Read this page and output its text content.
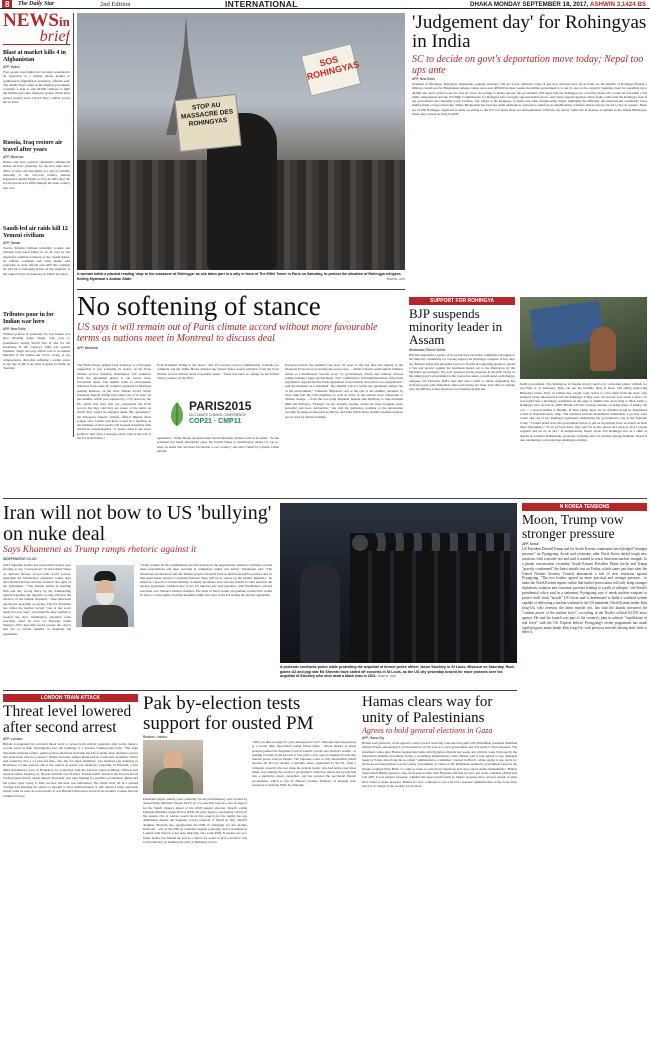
8	The Daily Star	2nd Edition	INTERNATIONAL	DHAKA MONDAY SEPTEMBER 18, 2017, ASHWIN 3,1424 BS
NEWSin
brief
Blast at market kills 4 in Afghanistan
AFP, Kabul
Four people were killed and 14 others wounded in an explosion at a mobile phone market in southeastern Afghanistan yesterday, officials said. The deadly blast comes as the Afghan government considers a plan to arm 20,000 civilians to fight the Taliban and other insurgent groups which have gained ground since US-led Nato combat troops left in 2014.
Russia, Iraq restore air travel after years
AFP, Moscow
Russia and Iraq restored scheduled commercial airline services yesterday for the first time since 2003, as what officials hailed as a sign of stability returning to the war-torn country. Russia suspended regular flights to Iraq in 2003 after the US-led invasion in 2003 plunged the Arab country into war.
Saudi-led air raids kill 12 Yemeni civilians
AFP, Sanaa
Twelve Yemeni civilians including women and children have been killed in an air raid by the Saudi-led coalition northeast of the capital Sanaa, an official, residents and rebel media said yesterday. A local official said AFP the coalition air raid hit a rebel-held house on the outskirts of the capital Sanaa on Saturday, in Marib province.
Tributes pour in for Indian war hero
AFP, New Delhi
Tributes poured in yesterday for last Indian war hero Marshal Arjan Singh, who rose to prominence during World War II and for his leadership in the country's 1965 war against Pakistan. Singh, the only officer ever to be named Marshal of the Indian Air Force owing to his achievements, died after suffering a cardiac arrest at the age of 98 at an army hospital in Delhi on Saturday.
SOS ROHINGYAS
STOP AU MASSACRE DES ROHINGYAS
A woman holds a placard reading 'stop to the massacre of Rohingya' as she takes part in a rally in front of The Eiffel Tower in Paris on Saturday, to protest the situation of Rohingya refugees fleeing Myanmar's Arakan State.	PHOTO: AFP
'Judgement day' for Rohingyas in India
SC to decide on govt's deportation move today; Nepal too ups ante
AFP, New Delhi
Detained in Myanmar, Rohingyas desperately seeking sanctuary will get a new reminder today of just how unloved they are in India. As the number of Rohingya fleeing a military crackdown for Bangladesh refugee camps races past 400,000 in three weeks, the Indian government is to put its case to the country's Supreme Court for expelling up to 40,000 who have arrived over the past 10 years. According to media reports, the government will argue that the Rohingya are a security threat who could aid terrorism. Civil rights campaigners and the UN High Commissioner for Refugees have strongly opposed India's move. And many experts question where India could send the Rohingya even if the government gets Supreme Court backing. The plight of the Rohingya in India, and other neighbouring Nepal, highlights the difficulty the international community faces finding them a long-term home. While Bangladesh has been the main destination, some have ended up in neighbouring countries almost always forced to live in squalor. There are 16,000 Rohingya registered in India according to the UN, but many more are undocumented. Officials say nearly 7,000 live in shanties in Jammu in the Indian Himalayas, where they started arriving in 2008.
Delhi government. The Rohingyas in Jammu mostly survive by collecting plastic rubbish for recycling or as labourers. They can see the hostility there is more. The ruling right-wing Bharatiya Janata Party in Jammu has sought court orders to evict them from the state. One business group threatened to kill the Rohingya if they were not moved. Last week a dead cow was found near a Rohingya settlement on the edge of Jammu city. According to Shah Alam, a Rohingya who arrived in 2008, Hindu activists torched shanties accusing them of killing the cow -- a sacred animal to Hindus. In New Delhi, there are 47 families living in dilapidated rooms in Kanchan Kunj camp. The residents include Mohammad Salimullah, a grocery store owner and one of two Rohingya petitioners challenging the government's case at the Supreme Court. "I would prefer have the government kill us or put us in jail than force us deport us back there (Myanmar)." "If we go back there, they will cut us into pieces and stack us 10-15 people together and set us on fire." In neighbouring Nepal, about 250 Rohingya live in a slum of shacks in southern Kathmandu, anxiously awaiting news of relatives fleeing Rakhine. Nepal is also attempting to prevent more Rohingya arriving.
No softening of stance
US says it will remain out of Paris climate accord without more favourable terms as nations meet in Montreal to discuss deal
AFP, Montreal
The White House pushed back Saturday at a European suggestion it was softening its stance on the Paris climate accord, insisting Washington will withdraw from the agreement unless it can secure more favourable terms. The remark came as environment ministers from some 30 countries gathered in Montreal seeking headway on the Paris climate accord which President Donald Trump had pulled out of in June. At the summit, which was attended by a US observer, the EU stated that they will not renegotiate the Paris accord, but they said they are aware of the terms on which they would be engaged under this agreement," the European Union's climate official Miguel Arias Canete said. Canete said there would be a meeting on the sidelines of next week's UN General Assembly with American representatives "to assess what is the exact position" and "give a message about what is the role of the US in the future."
from President Trump to the press." The US reversal was not immediately available for comment and the White House insisted the United States would withdraw from the Paris climate accord without more favourable terms. "There has been no change in the United States' position on the Paris
PARIS2015
UN CLIMATE CHANGE CONFERENCE
COP21 · CMP11
agreement," White House spokeswoman Sarah Huckabee Sanders said in an email. "As the president has made abundantly clear, the United States is withdrawing unless we can re-enter on terms that are more favourable to our country," she said. Called by Canada, China and the
European Union, the summit took place 50 years to the day after the signing of the Montreal Protocol on protecting the ozone layer -- which Canada's environment minister hailed as a multilateral "success story" by governments, NGOs and ordinary citizens jointly tackling a major global threat. "We" committed to full implementation of the Paris Agreement. Agreed that the Paris Agreement is irreversible and will not be renegotiated," said the ministers in a statement. The summit will not revisit the agreement taking care of the environment," Catherine McKenna said at the end of the summit, attended by more than half the G20 members as well as some of the nations most vulnerable to climate change -- from the low-lying Marshall Islands and Maldives to impoverished Mali and Ethiopia. "Changes we see, extreme weather events are more frequent, more powerful and more destructive," she told the gathering, pointing to the devastation wrought by mega-storms such as Harvey and Irma which many climate scientists believe are boosted by global warming.
SUPPORT FOR ROHINGYA
BJP suspends minority leader in Assam
Hindustan Times Online
BJP has suspended a leader of its Assam state executive committee belonging to the minority community for voicing support for Rohingya refugees. A few days ago Benazir Arfan had uploaded a post on Facebook requesting people to attend a 'fair and protest' against the treatment meted out to the Rohingyas by the Myanmar government. The post garnered strong response in the BJP circles as the ruling party's government at the Centre has taken a tough stand on Rohingya refugees. On Thursday, BJP's state unit sent a letter to Arfan suspending her from the party with immediate effect and giving her three days time to explain why disciplinary action should not be initiated against her.
Iran will not bow to US 'bullying' on nuke deal
Says Khamenei as Trump ramps rhetoric against it
INDEPENDENT.CO.UK
Iran's Supreme Leader has warned Iran would react strongly to any "wrong move" by the United States on Tehran's nuclear accord with world powers. Ayatollah Ali Khamenei's statement comes days after Donald Trump said Iran violated "the spirit of the agreement." "The Iranian nation is standing firm and any wrong move by the domineering regime regarding the [nuclear accord] will face the reaction of the Islamic Republic," state television quoted the Ayatollah as saying. The US President has called the nuclear accord "one of the worst deals I've ever seen" and hinted he may attempt to rescind the deal. Washington extended some sanctions relief for Iran on Thursday under Tehran's 2015 deal with world powers but said it had yet to decide whether to maintain the agreement.
"Today despite all the commitments and discussions in the negotiations, America's attitude towards these negotiations and their outcome is completely unjust and unfair," Khamenei said. "The Americans should know that the Iranian people will stand firm on their honourable positions and on important issues related to national interests; there will be no retreat by the Islamic Republic," he added in a speech to Iranian military academy graduates. Iran said last month it could abandon the nuclear agreement "within hours" if the US imposes any new penalties, after Washington ordered sanctions over Tehran's ballistic missiles. The head of Iran's atomic programme warned Iran would be able to create highly enriched uranium within five days of the US ending the nuclear agreement.
A protester confronts police while protesting the acquittal of former police officer Jason Stockley in St Louis, Missouri on Saturday. Rock giants U2 and pop star Ed Sheeran have called off concerts in St Louis, as the US city yesterday braced for more protests over the acquittal of Stockley who shot dead a black man in 2011. PHOTO: AFP
N KOREA TENSIONS
Moon, Trump vow stronger pressure
AFP, Seoul
US President Donald Trump and his South Korean counterpart have pledged "stronger pressure" on Pyongyang, Seoul said yesterday, after North Korea defied tough new sanctions with a missile test and said it wanted to reach American nuclear strength. In a phone conversation yesterday, South Korean President Moon Jae-In and Trump "gravely condemned" the latest missile test on Friday, which came just days after the United Nations Security Council announced a raft of new sanctions against Pyongyang. "The two leaders agreed on more practical and stronger pressure... to make the North Korean regime realise that further provocation will only bring stronger diplomatic isolation and economic pressure leading to a path of collapse," the South's presidential office said in a statement. Pyongyang says it needs nuclear weapons to protect itself from "hostile" US forces and is determined to build a warhead system capable of delivering a nuclear warhead to the US mainland. North Korean leader Kim Jong-Un, who oversaw the latest missile test, has said the launch increased the "combat power of the nuclear force", according to the North's official KCNA news agency. He said the launch was part of the country's plan to achieve "equilibrium of real force" with the US. Experts believe Pyongyang's recent programme has made rapid progress under leader Kim Jong-Un, with previous missiles having done little to deter it.
LONDON TRAIN ATTACK
Threat level lowered after second arrest
AFP, London
Britain downgraded its terrorism threat level to severe from critical yesterday after police made a second arrest in their investigation into the bombing of a London Underground train. "The Joint Terrorism Analysis Centre, which reviews the threat level that the UK is under, have decided to lower that level from critical to severe," Home Secretary Amber Rudd said in a televised statement. Police said yesterday that a 21-year-old man, who has not been identified, was detained late Saturday in Hounslow, on the western rim of the capital. A search was underway yesterday in Stanwell, a few miles (kilometres) west of Hounslow, in connection with the Parsons Green bombing. Officers had arrested earlier Saturday an 18-year-old man over Friday's "bucket bomb" attack at the Parsons Green Underground station, which injured 30 people, and were hunting for possible accomplices. Rudd said the police were trying to find out how the man was radicalised. The bomb went off in a packed carriage and although the device is thought to have malfunctioned, it still caused a large explosion which could be seen on social media. It was Britain's fifth terror attack in six months, a series that has claimed 35 lives.
Pak by-election tests support for ousted PM
Reuters, Lahore
Pakistanis began casting votes yesterday for the parliamentary seat vacated by ousted Prime Minister Nawaz Sharif, in a by-election seen as a test of support for the Sharif dynasty ahead of the 2018 general election. Sharif's ruling Pakistan Muslim League-Nawaz (PML-N) party hopes a resounding victory in the eastern city of Lahore would show that support for the family has not diminished despite the Supreme Court's removal of Sharif in July. Sharif's daughter Maryam has spearheaded the PML-N campaign for her mother Kulsoom - who is the NPL-N candidate despite receiving cancer treatment in London with Nawaz at her side. Maryam, who some PML-N leaders see as a future leader, has framed the poll as a chance for voters to give a decisive vote to the judiciary by handing the party a thumping victory.
"Will you take revenge for your disrespected vote?" Maryam asked supporters at a recent rally. Opposition leader Imran Khan - whose threats of street protests pushed the Supreme Court to launch a probe into Nawaz's wealth - is seeking to build on his success of last year's court case by making inroads into Sharifs' power base in Punjab. The Supreme Court in July disqualified Sharif because he did not declare a monthly salary equivalent to $2,722, from a company owned by his son when the veteran leader, who had held power three times, was running the country's government. Khan has turned the by-election into a plebiscite about corruption, and has accused the provincial Punjab government, which is run by Nawaz's brother Shahbaz, of abusing state resources to help the PML-N campaign.
Hamas clears way for unity of Palestinians
Agrees to hold general elections in Gaza
AFP, Gaza City
Hamas said yesterday it had agreed to steps toward resolving a decade-long split with Palestinian president Mahmud Abbas's Fatah, announcing it would dissolve a body seen as a rival government and was ready to hold elections. The statement comes after Hamas leaders held talks with Egyptian officials last week, and with the Gaza Strip run by the Palestinian Islamist movement facing a worsening humanitarian crisis. Hamas said it had agreed to key demands made by Fatah, dissolving the so-called "administrative committee" created in March, while saying it was ready for elections and negotiations toward a unity government. It called on the Palestinian Authority government based in the Israeli-occupied West Bank "to come to Gaza to exercise its functions and carry out its duties immediately." Hamas chief Ismail Haniya agreed to take such steps in talks with Egyptian officials in Cairo last week, a Hamas official had told AFP. It was unclear however, whether the steps would result in further progress since several rounds of talks have failed to make progress. Hamas for now continues to run a de facto separate administration in the Gaza Strip and it is in charge of the security forces there.
